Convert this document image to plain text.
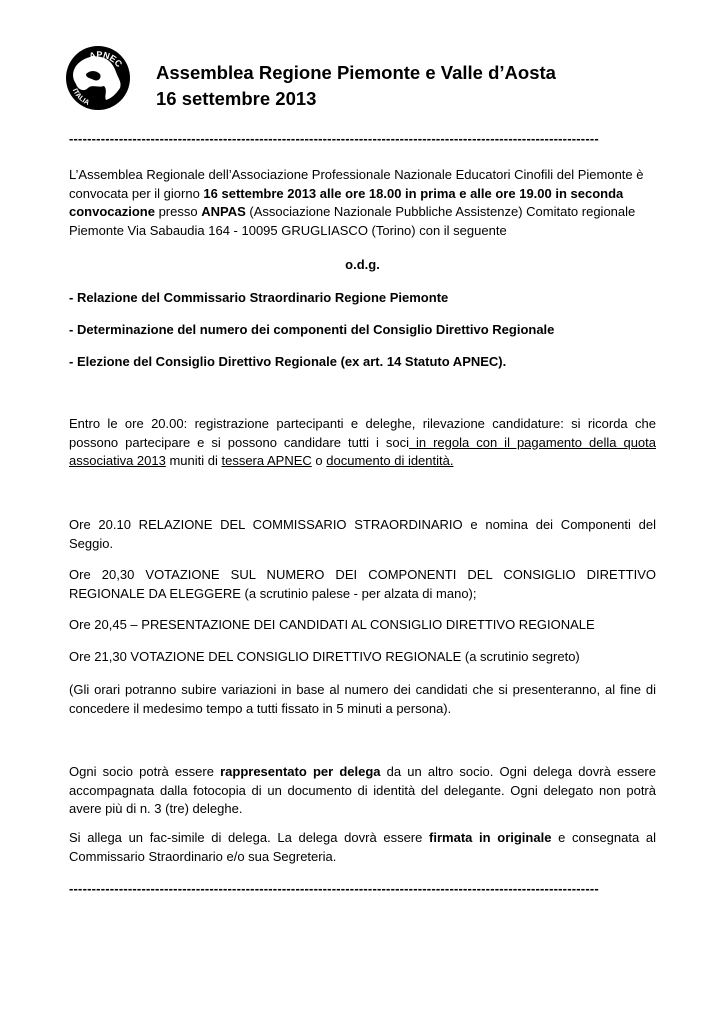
APNEC
ITALIA
Assemblea Regione Piemonte e Valle d’Aosta
16 settembre 2013
---------------------------------------------------------------------------------------------------------------------
L’Assemblea Regionale dell’Associazione Professionale Nazionale Educatori Cinofili del Piemonte è convocata per il giorno 16 settembre 2013 alle ore 18.00 in prima e alle ore 19.00 in seconda convocazione presso ANPAS (Associazione Nazionale Pubbliche Assistenze) Comitato regionale Piemonte Via Sabaudia 164 - 10095 GRUGLIASCO (Torino) con il seguente
o.d.g.
- Relazione del Commissario Straordinario Regione Piemonte
- Determinazione del numero dei componenti del Consiglio Direttivo Regionale
- Elezione del Consiglio Direttivo Regionale (ex art. 14 Statuto APNEC).
Entro le ore 20.00: registrazione partecipanti e deleghe, rilevazione candidature: si ricorda che possono partecipare e si possono candidare tutti i soci in regola con il pagamento della quota associativa 2013 muniti di tessera APNEC o documento di identità.
Ore 20.10 RELAZIONE DEL COMMISSARIO STRAORDINARIO e nomina dei Componenti del Seggio.
Ore 20,30 VOTAZIONE SUL NUMERO DEI COMPONENTI DEL CONSIGLIO DIRETTIVO REGIONALE DA ELEGGERE (a scrutinio palese - per alzata di mano);
Ore 20,45 – PRESENTAZIONE DEI CANDIDATI AL CONSIGLIO DIRETTIVO REGIONALE
Ore 21,30 VOTAZIONE DEL CONSIGLIO DIRETTIVO REGIONALE (a scrutinio segreto)
(Gli orari potranno subire variazioni in base al numero dei candidati che si presenteranno, al fine di concedere il medesimo tempo a tutti fissato in 5 minuti a persona).
Ogni socio potrà essere rappresentato per delega da un altro socio. Ogni delega dovrà essere accompagnata dalla fotocopia di un documento di identità del delegante. Ogni delegato non potrà avere più di n. 3 (tre) deleghe.
Si allega un fac-simile di delega. La delega dovrà essere firmata in originale e consegnata al Commissario Straordinario e/o sua Segreteria.
---------------------------------------------------------------------------------------------------------------------
